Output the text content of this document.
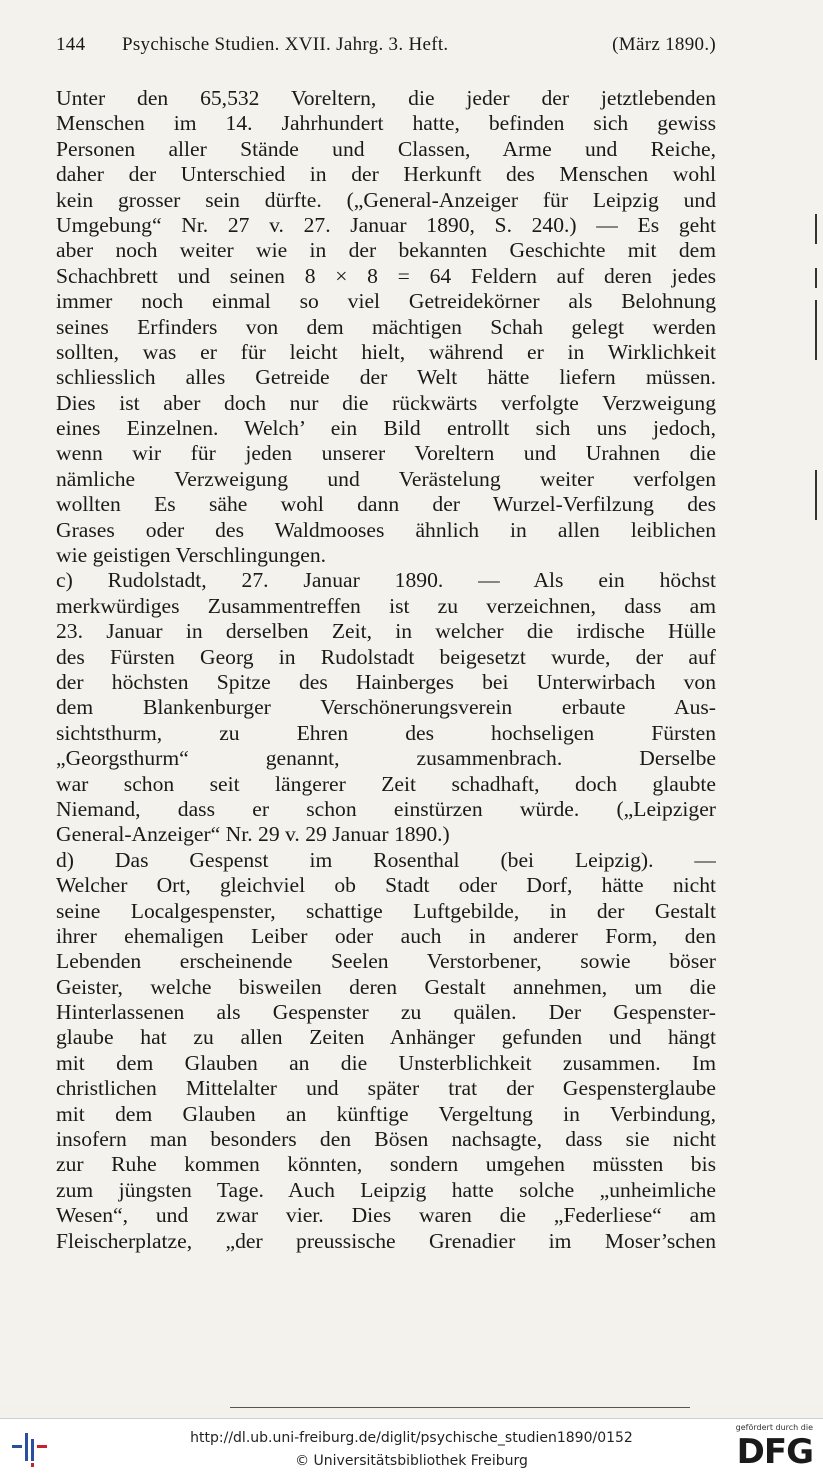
144 Psychische Studien. XVII. Jahrg. 3. Heft.	(März 1890.)
Unter den 65,532 Voreltern, die jeder der jetztlebenden
Menschen im 14. Jahrhundert hatte, befinden sich gewiss
Personen aller Stände und Classen, Arme und Reiche,
daher der Unterschied in der Herkunft des Menschen wohl
kein grosser sein dürfte. („General-Anzeiger für Leipzig und
Umgebung“ Nr. 27 v. 27. Januar 1890, S. 240.) — Es geht
aber noch weiter wie in der bekannten Geschichte mit dem
Schachbrett und seinen 8 × 8 = 64 Feldern auf deren jedes
immer noch einmal so viel Getreidekörner als Belohnung
seines Erfinders von dem mächtigen Schah gelegt werden
sollten, was er für leicht hielt, während er in Wirklichkeit
schliesslich alles Getreide der Welt hätte liefern müssen.
Dies ist aber doch nur die rückwärts verfolgte Verzweigung
eines Einzelnen. Welch’ ein Bild entrollt sich uns jedoch,
wenn wir für jeden unserer Voreltern und Urahnen die
nämliche Verzweigung und Verästelung weiter verfolgen
wollten Es sähe wohl dann der Wurzel-Verfilzung des
Grases oder des Waldmooses ähnlich in allen leiblichen
wie geistigen Verschlingungen.
c) Rudolstadt, 27. Januar 1890. — Als ein höchst
merkwürdiges Zusammentreffen ist zu verzeichnen, dass am
23. Januar in derselben Zeit, in welcher die irdische Hülle
des Fürsten Georg in Rudolstadt beigesetzt wurde, der auf
der höchsten Spitze des Hainberges bei Unterwirbach von
dem Blankenburger Verschönerungsverein erbaute Aus-
sichtsthurm, zu Ehren des hochseligen Fürsten
„Georgsthurm“ genannt, zusammenbrach. Derselbe
war schon seit längerer Zeit schadhaft, doch glaubte
Niemand, dass er schon einstürzen würde. („Leipziger
General-Anzeiger“ Nr. 29 v. 29 Januar 1890.)
d) Das Gespenst im Rosenthal (bei Leipzig). —
Welcher Ort, gleichviel ob Stadt oder Dorf, hätte nicht
seine Localgespenster, schattige Luftgebilde, in der Gestalt
ihrer ehemaligen Leiber oder auch in anderer Form, den
Lebenden erscheinende Seelen Verstorbener, sowie böser
Geister, welche bisweilen deren Gestalt annehmen, um die
Hinterlassenen als Gespenster zu quälen. Der Gespenster-
glaube hat zu allen Zeiten Anhänger gefunden und hängt
mit dem Glauben an die Unsterblichkeit zusammen. Im
christlichen Mittelalter und später trat der Gespensterglaube
mit dem Glauben an künftige Vergeltung in Verbindung,
insofern man besonders den Bösen nachsagte, dass sie nicht
zur Ruhe kommen könnten, sondern umgehen müssten bis
zum jüngsten Tage. Auch Leipzig hatte solche „unheimliche
Wesen“, und zwar vier. Dies waren die „Federliese“ am
Fleischerplatze, „der preussische Grenadier im Moser’schen
http://dl.ub.uni-freiburg.de/diglit/psychische_studien1890/0152
© Universitätsbibliothek Freiburg
gefördert durch die
DFG
